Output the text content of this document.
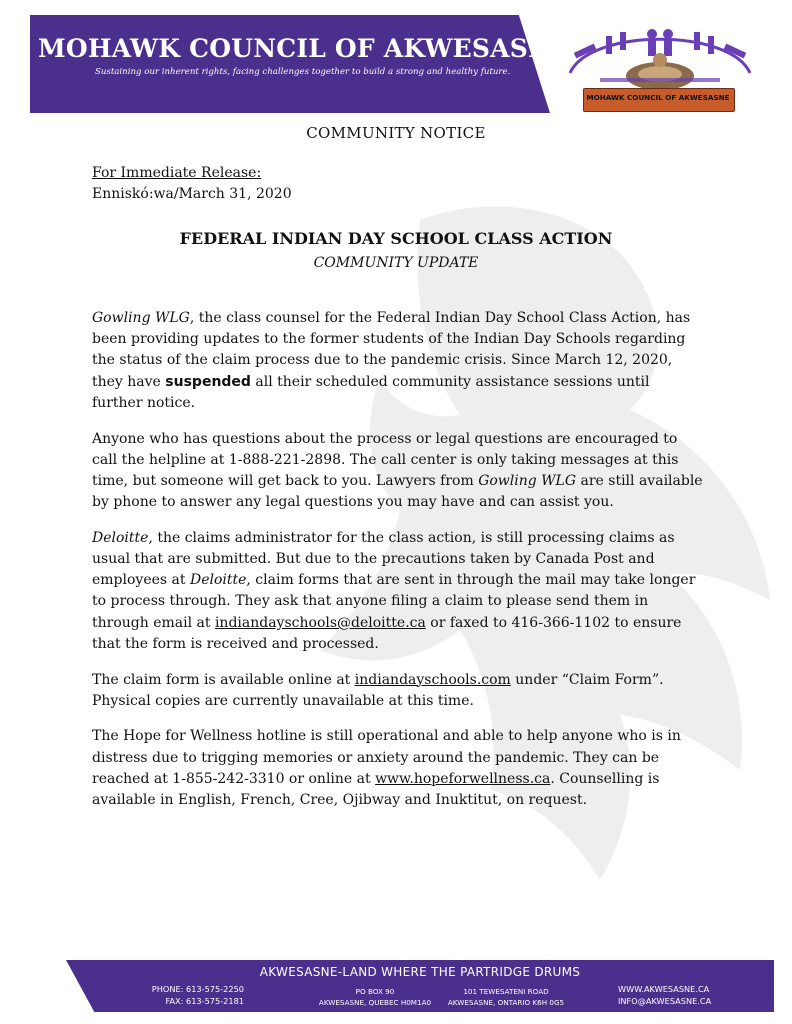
MOHAWK COUNCIL OF AKWESASNE
Sustaining our inherent rights, facing challenges together to build a strong and healthy future.
MOHAWK COUNCIL OF AKWESASNE
COMMUNITY NOTICE
For Immediate Release:
Enniskó:wa/March 31, 2020
FEDERAL INDIAN DAY SCHOOL CLASS ACTION
COMMUNITY UPDATE

Gowling WLG, the class counsel for the Federal Indian Day School Class Action, has been providing updates to the former students of the Indian Day Schools regarding the status of the claim process due to the pandemic crisis. Since March 12, 2020, they have suspended all their scheduled community assistance sessions until further notice.

Anyone who has questions about the process or legal questions are encouraged to call the helpline at 1-888-221-2898. The call center is only taking messages at this time, but someone will get back to you. Lawyers from Gowling WLG are still available by phone to answer any legal questions you may have and can assist you.

Deloitte, the claims administrator for the class action, is still processing claims as usual that are submitted. But due to the precautions taken by Canada Post and employees at Deloitte, claim forms that are sent in through the mail may take longer to process through. They ask that anyone filing a claim to please send them in through email at indiandayschools@deloitte.ca or faxed to 416-366-1102 to ensure that the form is received and processed.

The claim form is available online at indiandayschools.com under “Claim Form”. Physical copies are currently unavailable at this time.

The Hope for Wellness hotline is still operational and able to help anyone who is in distress due to trigging memories or anxiety around the pandemic. They can be reached at 1-855-242-3310 or online at www.hopeforwellness.ca. Counselling is available in English, French, Cree, Ojibway and Inuktitut, on request.

AKWESASNE-LAND WHERE THE PARTRIDGE DRUMS
PHONE: 613-575-2250
FAX: 613-575-2181
PO BOX 90
AKWESASNE, QUEBEC H0M1A0
101 TEWESATENI ROAD
AKWESASNE, ONTARIO K6H 0G5
WWW.AKWESASNE.CA
INFO@AKWESASNE.CA
